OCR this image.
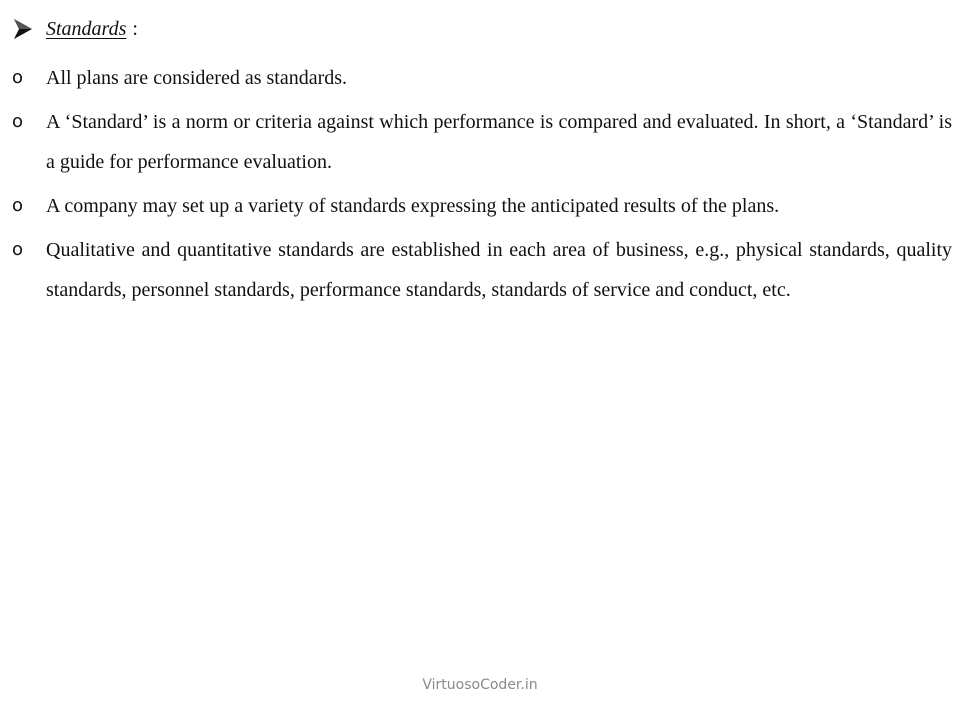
Standards :
o	All plans are considered as standards.
o	A ‘Standard’ is a norm or criteria against which performance is compared and evaluated. In short, a ‘Standard’ is a guide for performance evaluation.
o	A company may set up a variety of standards expressing the anticipated results of the plans.
o	Qualitative and quantitative standards are established in each area of business, e.g., physical standards, quality standards, personnel standards, performance standards, standards of service and conduct, etc.
VirtuosoCoder.in
